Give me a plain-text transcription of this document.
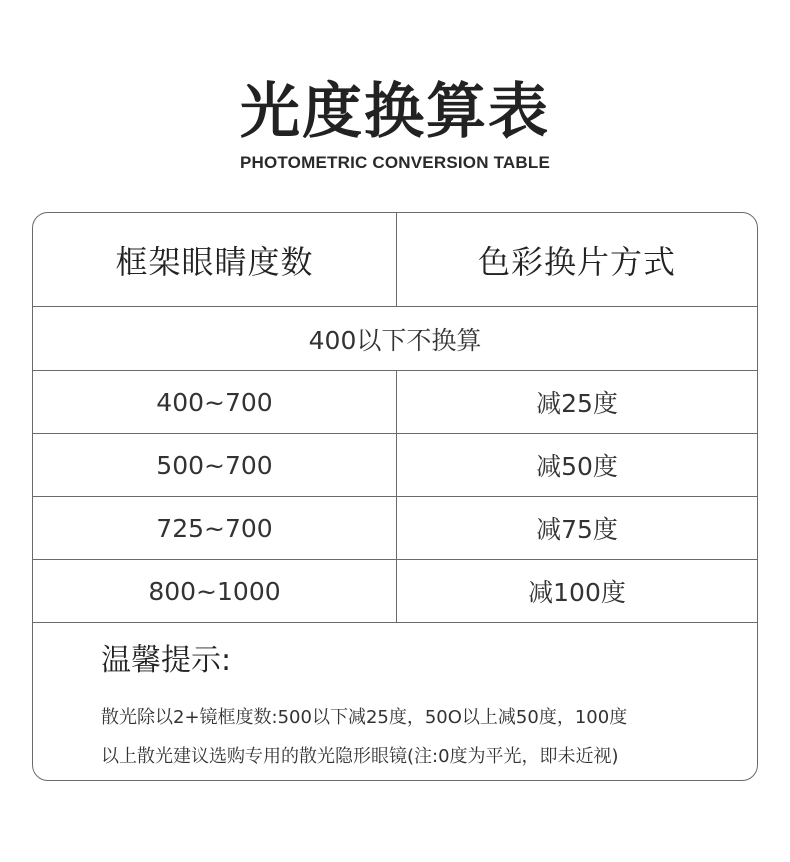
光度换算表
PHOTOMETRIC CONVERSION TABLE
框架眼睛度数	色彩换片方式
400以下不换算
400~700	减25度
500~700	减50度
725~700	减75度
800~1000	减100度
温馨提示:
散光除以2+镜框度数:500以下减25度，50O以上减50度，100度
以上散光建议选购专用的散光隐形眼镜(注:0度为平光，即未近视)
